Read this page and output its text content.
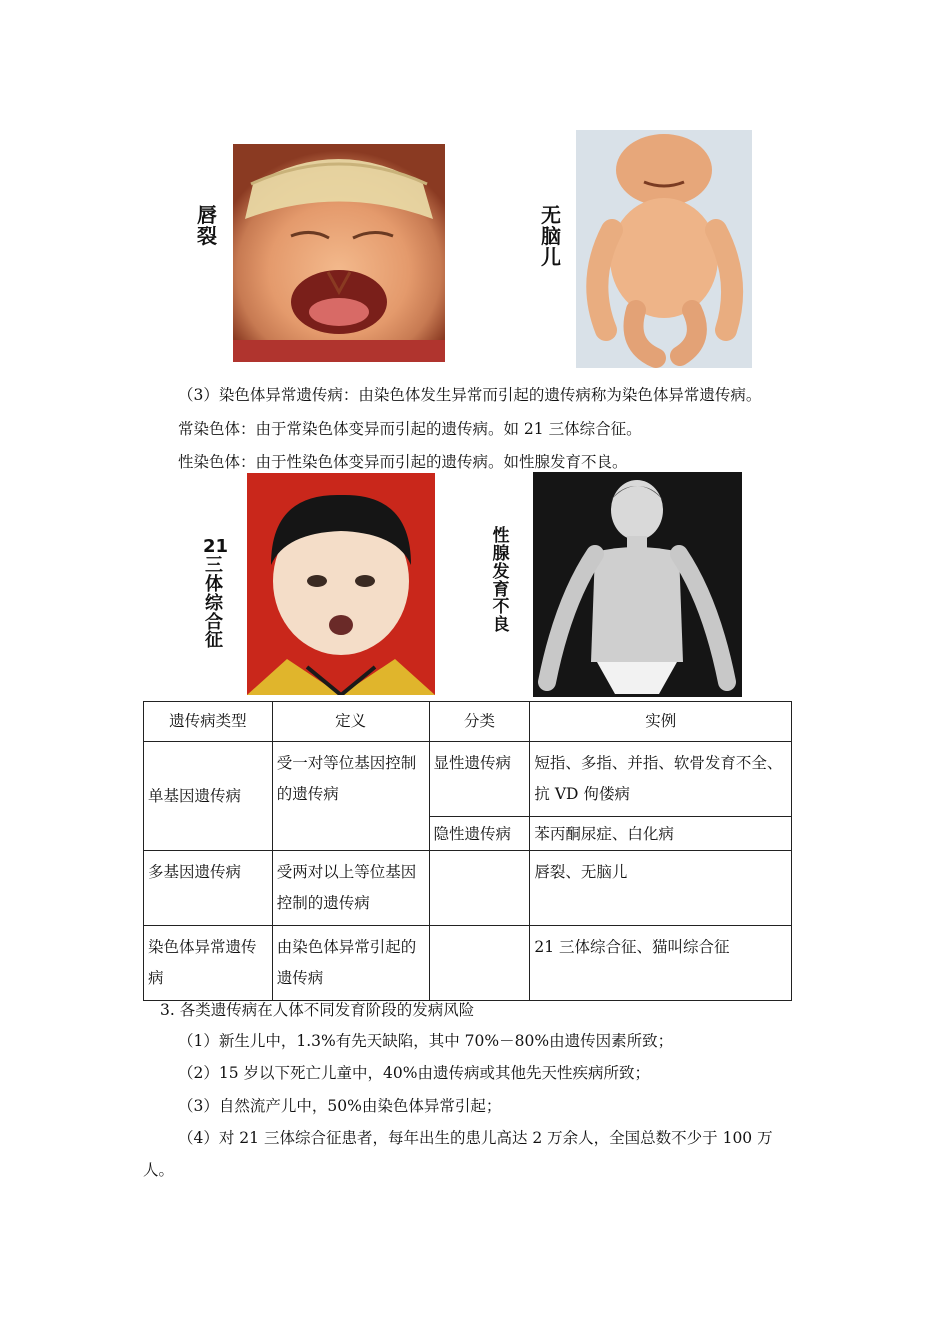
唇裂
无脑儿
（3）染色体异常遗传病：由染色体发生异常而引起的遗传病称为染色体异常遗传病。
常染色体：由于常染色体变异而引起的遗传病。如 21 三体综合征。
性染色体：由于性染色体变异而引起的遗传病。如性腺发育不良。
21三体综合征
性腺发育不良
遗传病类型	定义	分类	实例
单基因遗传病	受一对等位基因控制的遗传病	显性遗传病	短指、多指、并指、软骨发育不全、抗 VD 佝偻病
		隐性遗传病	苯丙酮尿症、白化病
多基因遗传病	受两对以上等位基因控制的遗传病		唇裂、无脑儿
染色体异常遗传病	由染色体异常引起的遗传病		21 三体综合征、猫叫综合征
3. 各类遗传病在人体不同发育阶段的发病风险
（1）新生儿中，1.3%有先天缺陷，其中 70%－80%由遗传因素所致；
（2）15 岁以下死亡儿童中，40%由遗传病或其他先天性疾病所致；
（3）自然流产儿中，50%由染色体异常引起；
（4）对 21 三体综合征患者，每年出生的患儿高达 2 万余人，全国总数不少于 100 万
人。
